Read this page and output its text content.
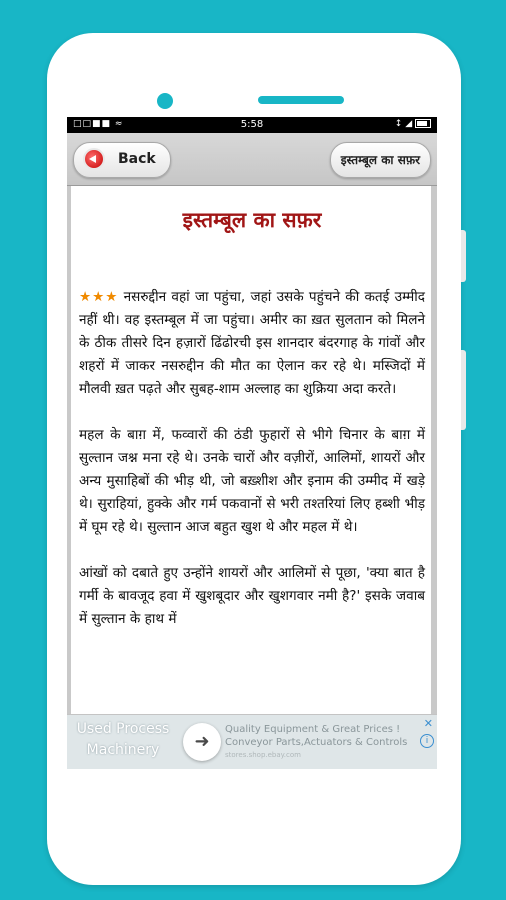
□□■■ ≈	5:58	↕ ◢
Back	इस्तम्बूल का सफ़र
इस्तम्बूल का सफ़र

★★★ नसरुद्दीन वहां जा पहुंचा, जहां उसके पहुंचने की कतई उम्मीद नहीं थी। वह इस्तम्बूल में जा पहुंचा। अमीर का ख़त सुलतान को मिलने के ठीक तीसरे दिन हज़ारों ढिंढोरची इस शानदार बंदरगाह के गांवों और शहरों में जाकर नसरुद्दीन की मौत का ऐलान कर रहे थे। मस्जिदों में मौलवी ख़त पढ़ते और सुबह-शाम अल्लाह का शुक्रिया अदा करते।

महल के बाग़ में, फव्वारों की ठंडी फुहारों से भीगे चिनार के बाग़ में सुल्तान जश्न मना रहे थे। उनके चारों और वज़ीरों, आलिमों, शायरों और अन्य मुसाहिबों की भीड़ थी, जो बख़्शीश और इनाम की उम्मीद में खड़े थे। सुराहियां, हुक्के और गर्म पकवानों से भरी तश्तरियां लिए हब्शी भीड़ में घूम रहे थे। सुल्तान आज बहुत खुश थे और महल में थे।

आंखों को दबाते हुए उन्होंने शायरों और आलिमों से पूछा, 'क्या बात है गर्मी के बावजूद हवा में खुशबूदार और खुशगवार नमी है?' इसके जवाब में सुल्तान के हाथ में

Used Process Machinery	➜
Quality Equipment & Great Prices !
Conveyor Parts,Actuators & Controls
stores.shop.ebay.com
✕
i
